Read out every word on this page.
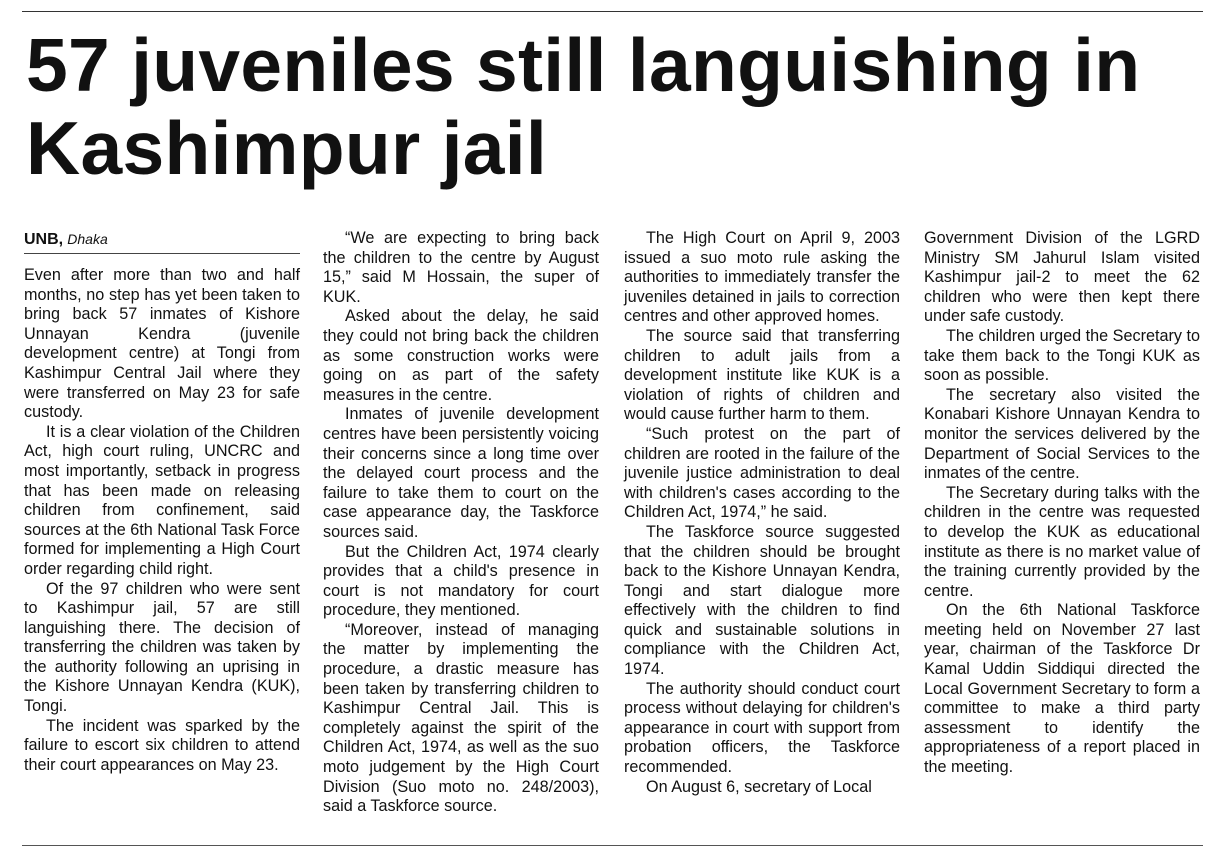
57 juveniles still languishing in Kashimpur jail
UNB, Dhaka

Even after more than two and half months, no step has yet been taken to bring back 57 inmates of Kishore Unnayan Kendra (juvenile development centre) at Tongi from Kashimpur Central Jail where they were transferred on May 23 for safe custody.

It is a clear violation of the Children Act, high court ruling, UNCRC and most importantly, setback in progress that has been made on releasing children from confinement, said sources at the 6th National Task Force formed for implementing a High Court order regarding child right.

Of the 97 children who were sent to Kashimpur jail, 57 are still languishing there. The decision of transferring the children was taken by the authority following an uprising in the Kishore Unnayan Kendra (KUK), Tongi.

The incident was sparked by the failure to escort six children to attend their court appearances on May 23.

“We are expecting to bring back the children to the centre by August 15,” said M Hossain, the super of KUK.

Asked about the delay, he said they could not bring back the children as some construction works were going on as part of the safety measures in the centre.

Inmates of juvenile development centres have been persistently voicing their concerns since a long time over the delayed court process and the failure to take them to court on the case appearance day, the Taskforce sources said.

But the Children Act, 1974 clearly provides that a child's presence in court is not mandatory for court procedure, they mentioned.

“Moreover, instead of managing the matter by implementing the procedure, a drastic measure has been taken by transferring children to Kashimpur Central Jail. This is completely against the spirit of the Children Act, 1974, as well as the suo moto judgement by the High Court Division (Suo moto no. 248/2003), said a Taskforce source.

The High Court on April 9, 2003 issued a suo moto rule asking the authorities to immediately transfer the juveniles detained in jails to correction centres and other approved homes.

The source said that transferring children to adult jails from a development institute like KUK is a violation of rights of children and would cause further harm to them.

“Such protest on the part of children are rooted in the failure of the juvenile justice administration to deal with children's cases according to the Children Act, 1974,” he said.

The Taskforce source suggested that the children should be brought back to the Kishore Unnayan Kendra, Tongi and start dialogue more effectively with the children to find quick and sustainable solutions in compliance with the Children Act, 1974.

The authority should conduct court process without delaying for children's appearance in court with support from probation officers, the Taskforce recommended.

On August 6, secretary of Local

Government Division of the LGRD Ministry SM Jahurul Islam visited Kashimpur jail-2 to meet the 62 children who were then kept there under safe custody.

The children urged the Secretary to take them back to the Tongi KUK as soon as possible.

The secretary also visited the Konabari Kishore Unnayan Kendra to monitor the services delivered by the Department of Social Services to the inmates of the centre.

The Secretary during talks with the children in the centre was requested to develop the KUK as educational institute as there is no market value of the training currently provided by the centre.

On the 6th National Taskforce meeting held on November 27 last year, chairman of the Taskforce Dr Kamal Uddin Siddiqui directed the Local Government Secretary to form a committee to make a third party assessment to identify the appropriateness of a report placed in the meeting.
